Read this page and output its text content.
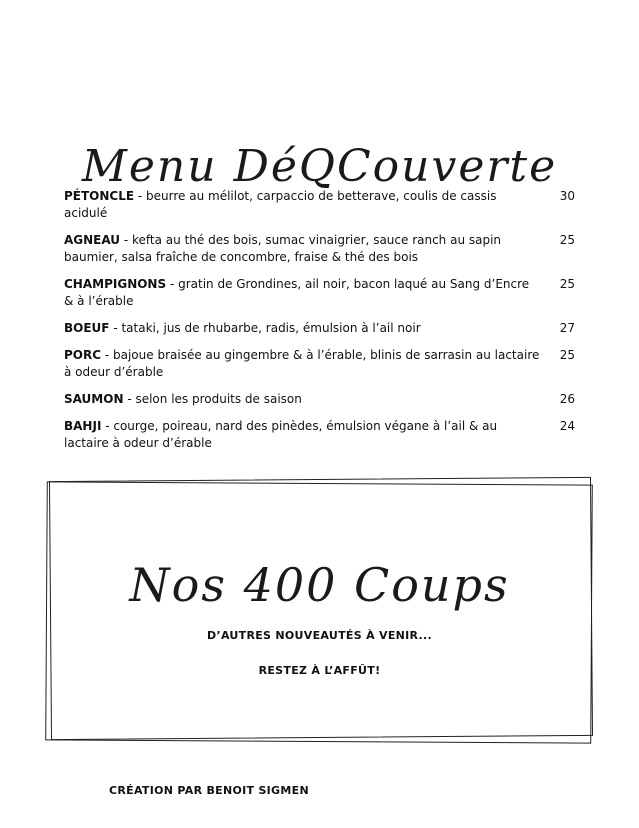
Menu DéQCouverte
PÉTONCLE - beurre au mélilot, carpaccio de betterave, coulis de cassis acidulé
30
AGNEAU - kefta au thé des bois, sumac vinaigrier, sauce ranch au sapin baumier, salsa fraîche de concombre, fraise & thé des bois
25
CHAMPIGNONS - gratin de Grondines, ail noir, bacon laqué au Sang d’Encre & à l’érable
25
BOEUF - tataki, jus de rhubarbe, radis, émulsion à l’ail noir	27
PORC - bajoue braisée au gingembre & à l’érable, blinis de sarrasin au lactaire à odeur d’érable
25
SAUMON - selon les produits de saison	26
BAHJI - courge, poireau, nard des pinèdes, émulsion végane à l’ail & au lactaire à odeur d’érable
24
Nos 400 Coups
D’AUTRES NOUVEAUTÉS À VENIR...
RESTEZ À L’AFFÛT!
CRÉATION PAR BENOIT SIGMEN
